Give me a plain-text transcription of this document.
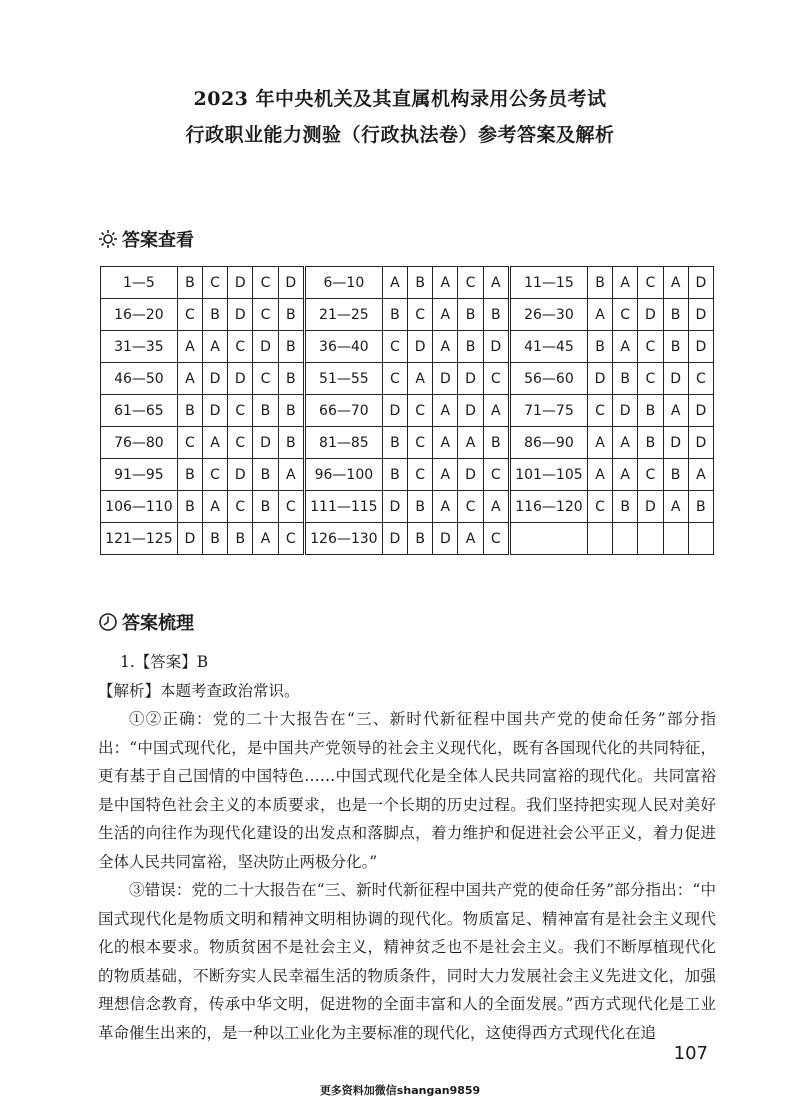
2023 年中央机关及其直属机构录用公务员考试
行政职业能力测验（行政执法卷）参考答案及解析
答案查看
1—5	B	C	D	C	D	6—10	A	B	A	C	A	11—15	B	A	C	A	D
16—20	C	B	D	C	B	21—25	B	C	A	B	B	26—30	A	C	D	B	D
31—35	A	A	C	D	B	36—40	C	D	A	B	D	41—45	B	A	C	B	D
46—50	A	D	D	C	B	51—55	C	A	D	D	C	56—60	D	B	C	D	C
61—65	B	D	C	B	B	66—70	D	C	A	D	A	71—75	C	D	B	A	D
76—80	C	A	C	D	B	81—85	B	C	A	A	B	86—90	A	A	B	D	D
91—95	B	C	D	B	A	96—100	B	C	A	D	C	101—105	A	A	C	B	A
106—110	B	A	C	B	C	111—115	D	B	A	C	A	116—120	C	B	D	A	B
121—125	D	B	B	A	C	126—130	D	B	D	A	C						
答案梳理

1.【答案】B

【解析】本题考查政治常识。

①②正确：党的二十大报告在“三、新时代新征程中国共产党的使命任务”部分指出：“中国式现代化，是中国共产党领导的社会主义现代化，既有各国现代化的共同特征，更有基于自己国情的中国特色……中国式现代化是全体人民共同富裕的现代化。共同富裕是中国特色社会主义的本质要求，也是一个长期的历史过程。我们坚持把实现人民对美好生活的向往作为现代化建设的出发点和落脚点，着力维护和促进社会公平正义，着力促进全体人民共同富裕，坚决防止两极分化。”

③错误：党的二十大报告在“三、新时代新征程中国共产党的使命任务”部分指出：“中国式现代化是物质文明和精神文明相协调的现代化。物质富足、精神富有是社会主义现代化的根本要求。物质贫困不是社会主义，精神贫乏也不是社会主义。我们不断厚植现代化的物质基础，不断夯实人民幸福生活的物质条件，同时大力发展社会主义先进文化，加强理想信念教育，传承中华文明，促进物的全面丰富和人的全面发展。”西方式现代化是工业革命催生出来的，是一种以工业化为主要标准的现代化，这使得西方式现代化在追

107
更多资料加微信shangan9859
